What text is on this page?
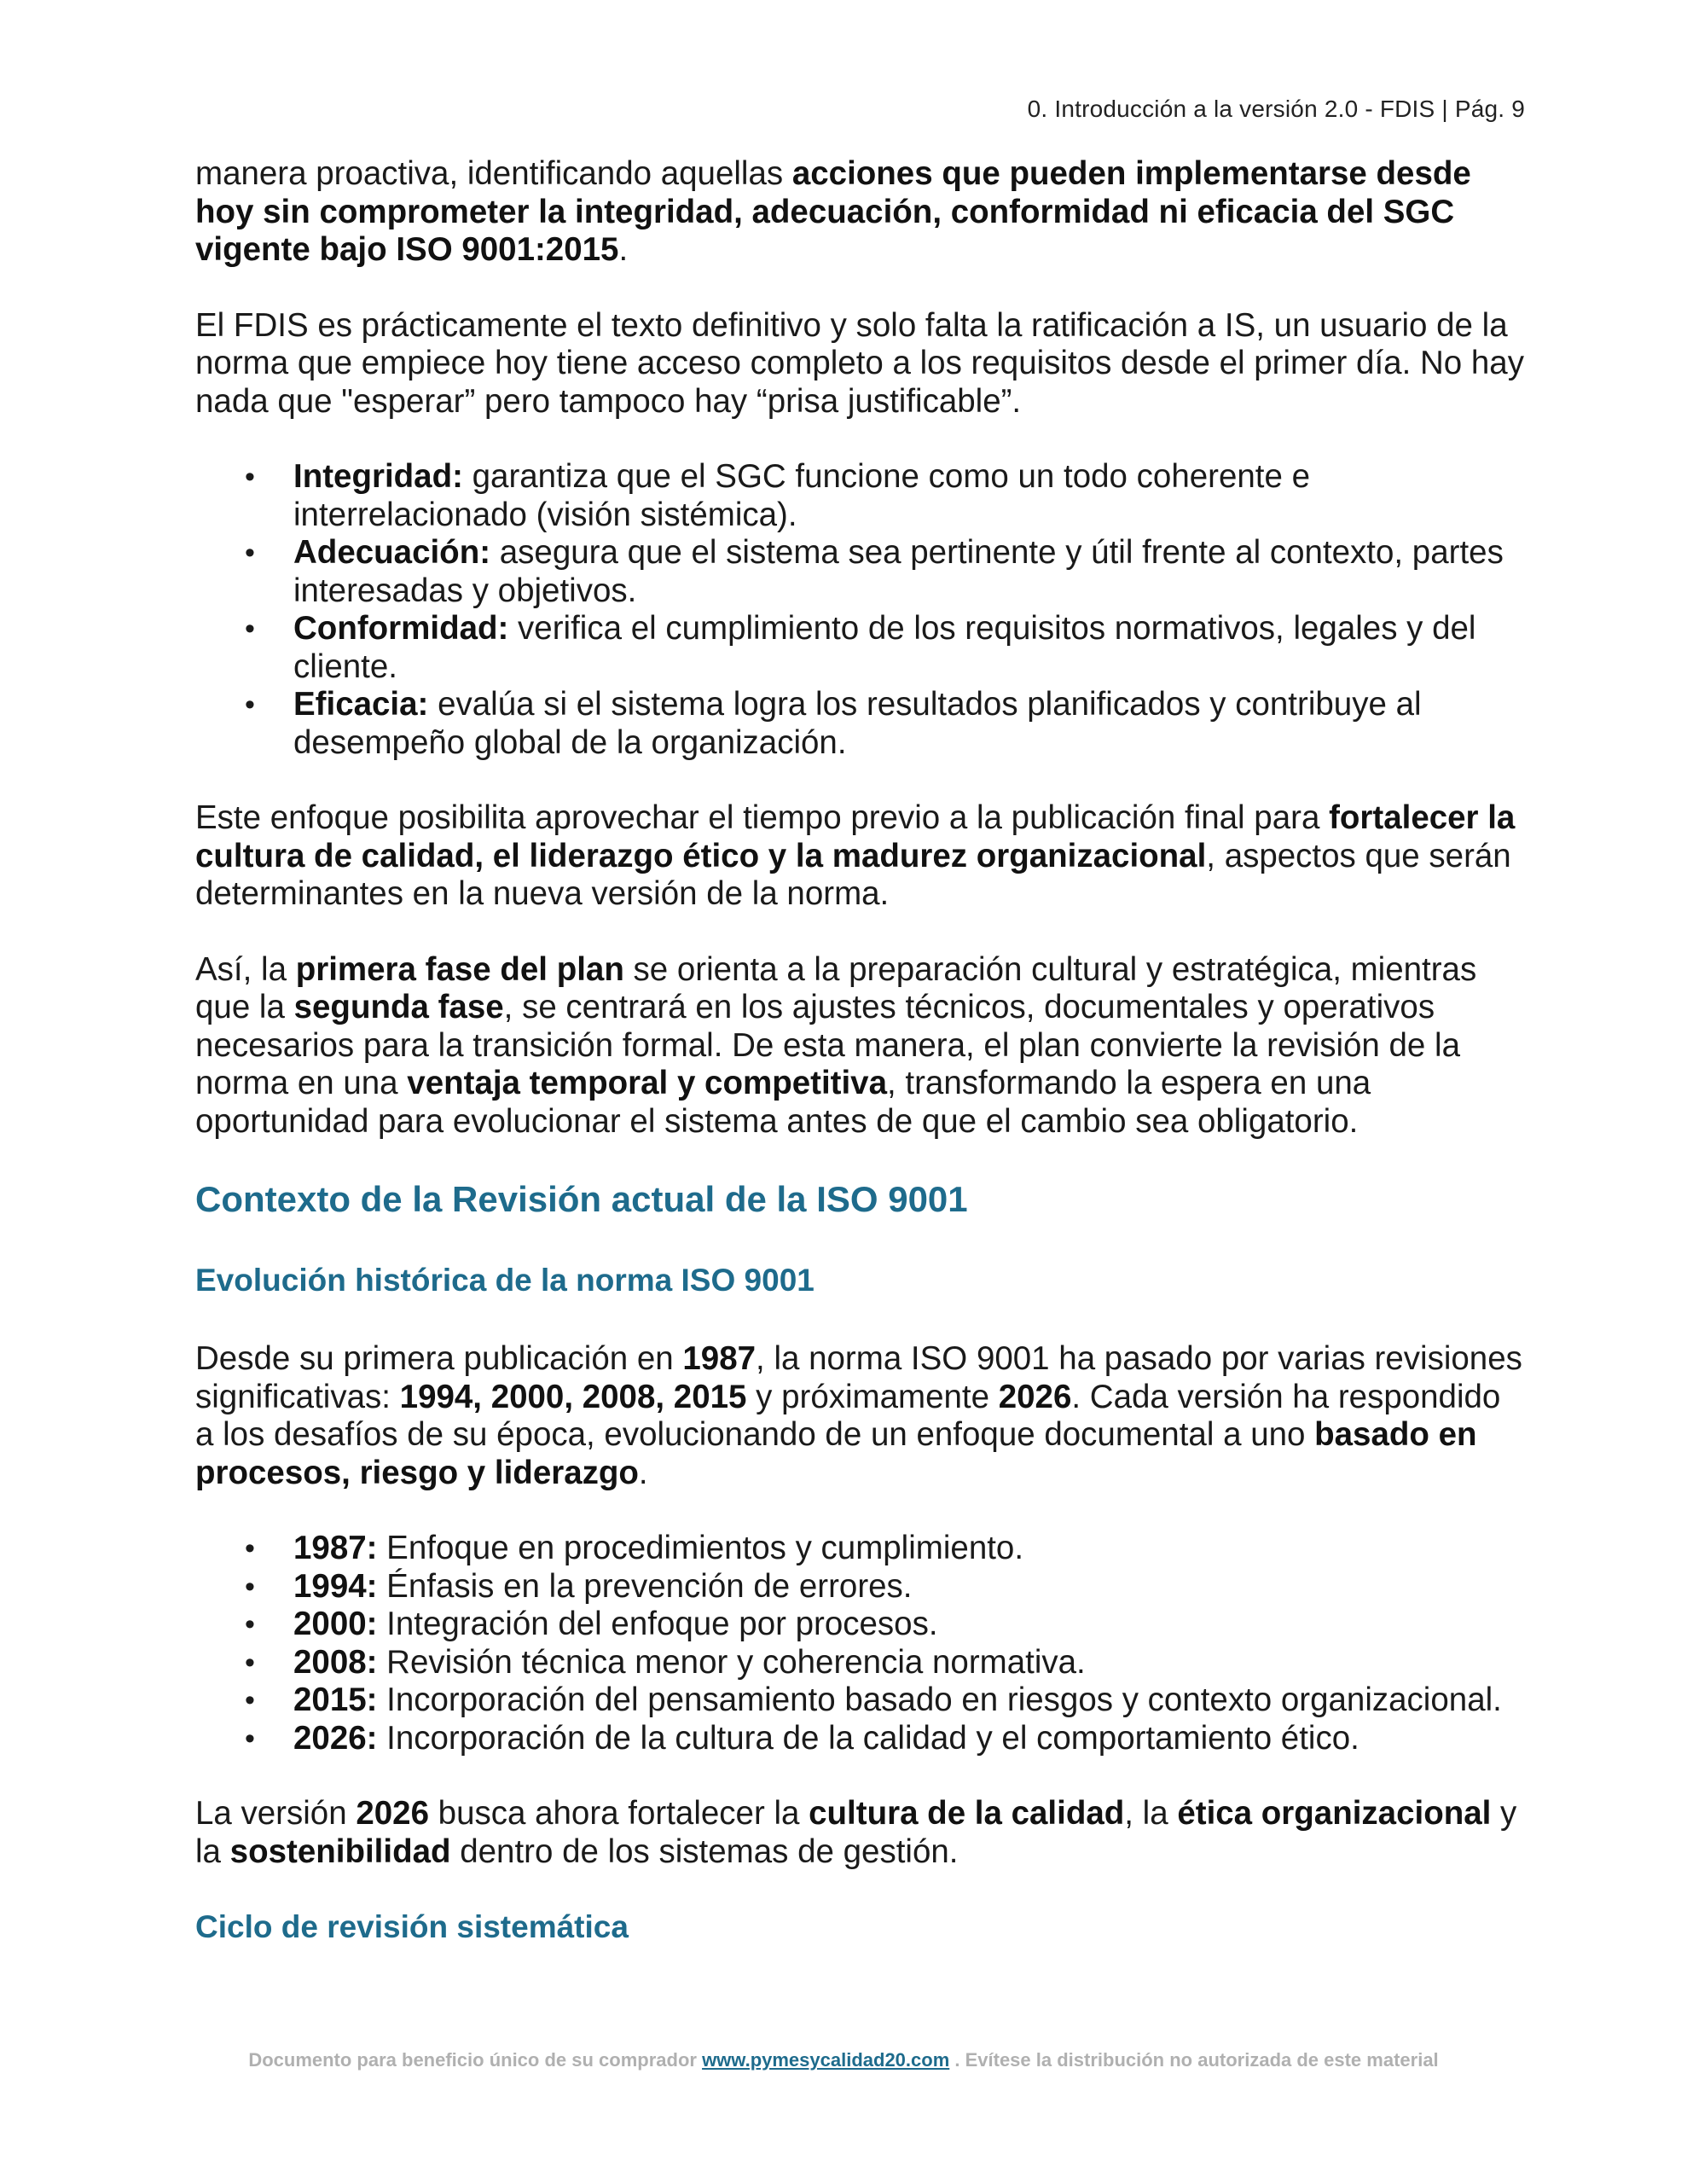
0. Introducción a la versión 2.0 - FDIS | Pág. 9

manera proactiva, identificando aquellas acciones que pueden implementarse desde hoy sin comprometer la integridad, adecuación, conformidad ni eficacia del SGC vigente bajo ISO 9001:2015.

El FDIS es prácticamente el texto definitivo y solo falta la ratificación a IS, un usuario de la norma que empiece hoy tiene acceso completo a los requisitos desde el primer día. No hay nada que "esperar” pero tampoco hay “prisa justificable”.

• Integridad: garantiza que el SGC funcione como un todo coherente e interrelacionado (visión sistémica).
• Adecuación: asegura que el sistema sea pertinente y útil frente al contexto, partes interesadas y objetivos.
• Conformidad: verifica el cumplimiento de los requisitos normativos, legales y del cliente.
• Eficacia: evalúa si el sistema logra los resultados planificados y contribuye al desempeño global de la organización.

Este enfoque posibilita aprovechar el tiempo previo a la publicación final para fortalecer la cultura de calidad, el liderazgo ético y la madurez organizacional, aspectos que serán determinantes en la nueva versión de la norma.

Así, la primera fase del plan se orienta a la preparación cultural y estratégica, mientras que la segunda fase, se centrará en los ajustes técnicos, documentales y operativos necesarios para la transición formal. De esta manera, el plan convierte la revisión de la norma en una ventaja temporal y competitiva, transformando la espera en una oportunidad para evolucionar el sistema antes de que el cambio sea obligatorio.

Contexto de la Revisión actual de la ISO 9001
Evolución histórica de la norma ISO 9001

Desde su primera publicación en 1987, la norma ISO 9001 ha pasado por varias revisiones significativas: 1994, 2000, 2008, 2015 y próximamente 2026. Cada versión ha respondido a los desafíos de su época, evolucionando de un enfoque documental a uno basado en procesos, riesgo y liderazgo.

• 1987: Enfoque en procedimientos y cumplimiento.
• 1994: Énfasis en la prevención de errores.
• 2000: Integración del enfoque por procesos.
• 2008: Revisión técnica menor y coherencia normativa.
• 2015: Incorporación del pensamiento basado en riesgos y contexto organizacional.
• 2026: Incorporación de la cultura de la calidad y el comportamiento ético.

La versión 2026 busca ahora fortalecer la cultura de la calidad, la ética organizacional y la sostenibilidad dentro de los sistemas de gestión.

Ciclo de revisión sistemática
Documento para beneficio único de su comprador www.pymesycalidad20.com . Evítese la distribución no autorizada de este material
